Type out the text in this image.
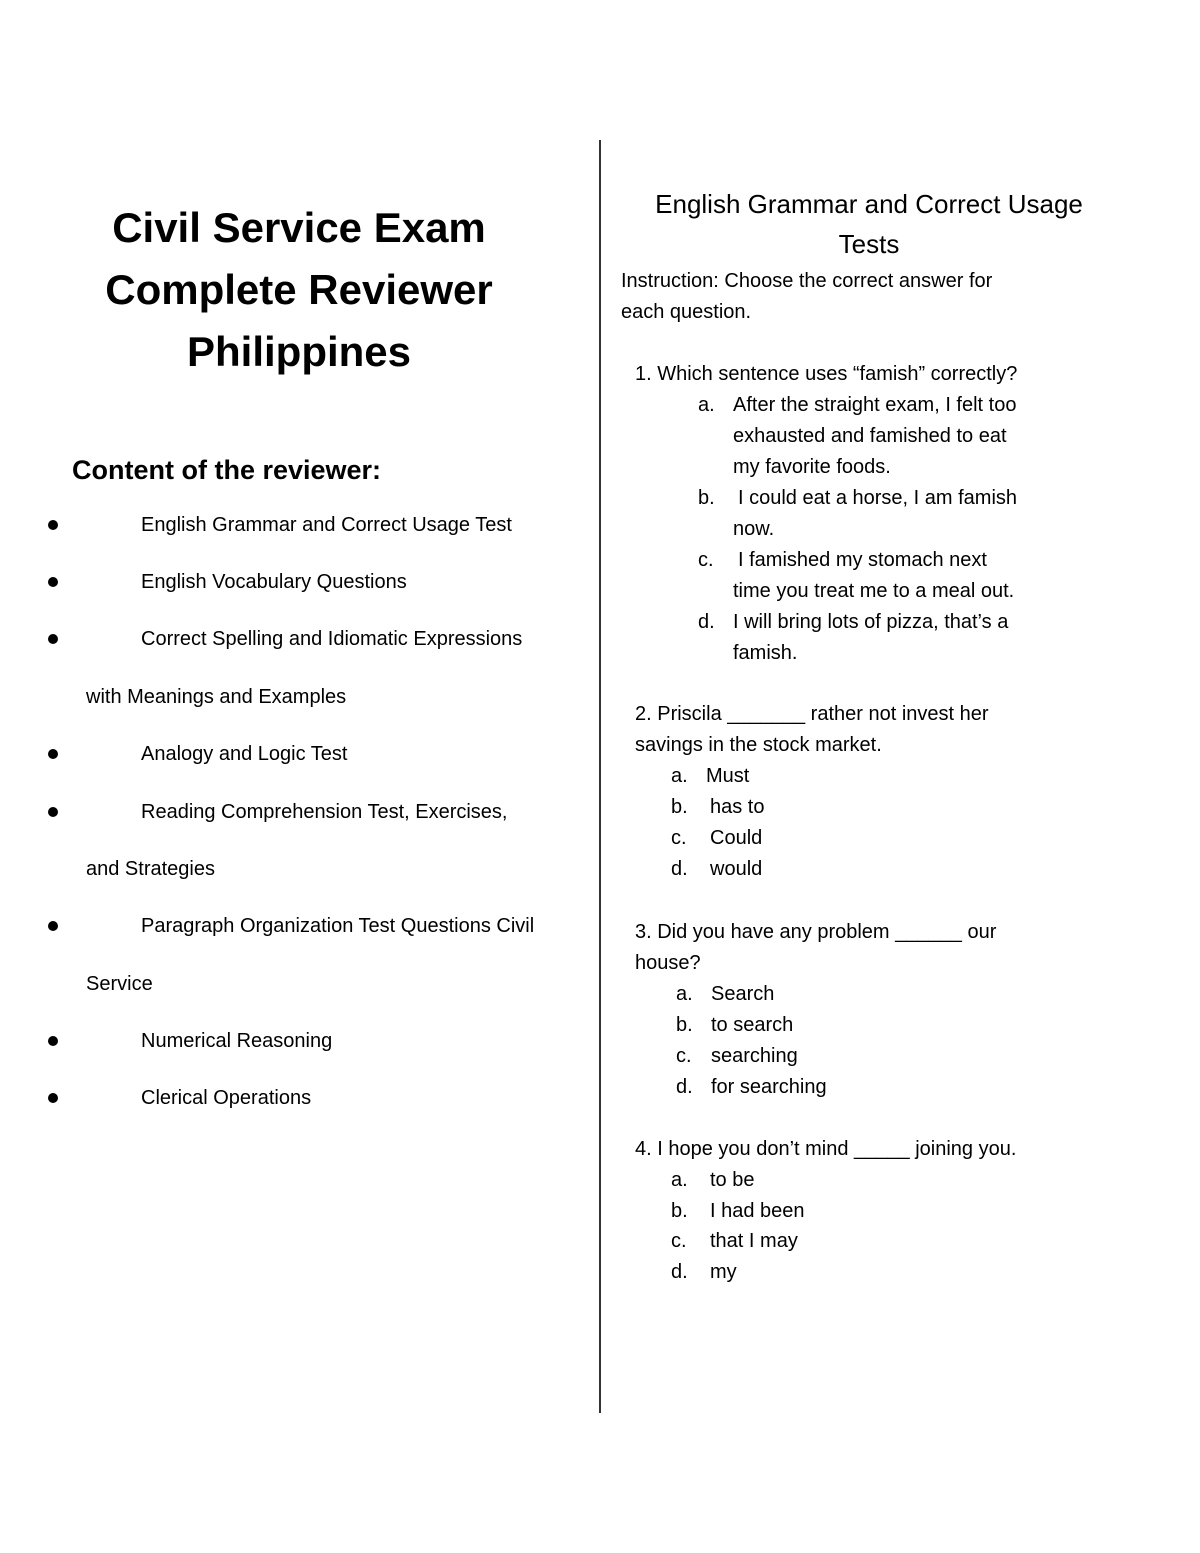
Civil Service Exam
Complete Reviewer
Philippines
Content of the reviewer:
English Grammar and Correct Usage Test
English Vocabulary Questions
Correct Spelling and Idiomatic Expressions
with Meanings and Examples
Analogy and Logic Test
Reading Comprehension Test, Exercises,
and Strategies
Paragraph Organization Test Questions Civil
Service
Numerical Reasoning
Clerical Operations
English Grammar and Correct Usage
Tests
Instruction: Choose the correct answer for
each question.
1. Which sentence uses “famish” correctly?
a. After the straight exam, I felt too
exhausted and famished to eat
my favorite foods.
b. I could eat a horse, I am famish
now.
c. I famished my stomach next
time you treat me to a meal out.
d. I will bring lots of pizza, that’s a
famish.
2. Priscila _______ rather not invest her
savings in the stock market.
a. Must
b. has to
c. Could
d. would
3. Did you have any problem ______ our
house?
a. Search
b. to search
c. searching
d. for searching
4. I hope you don’t mind _____ joining you.
a. to be
b. I had been
c. that I may
d. my
